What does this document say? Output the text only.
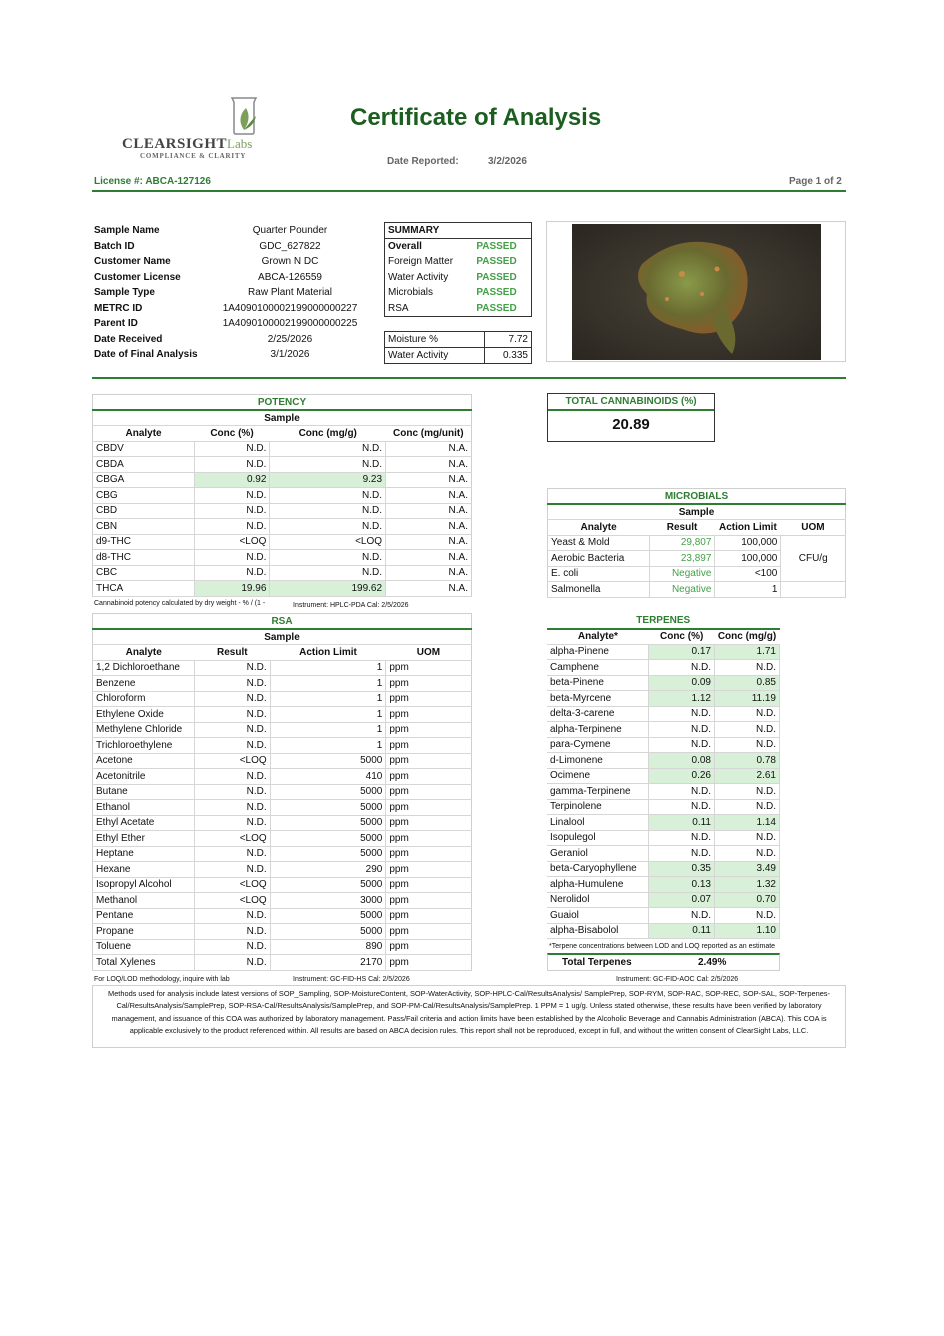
CLEARSIGHTLabs
COMPLIANCE & CLARITY
Certificate of Analysis
Date Reported:	3/2/2026
License #: ABCA-127126	Page 1 of 2
Sample Name	Quarter Pounder
Batch ID	GDC_627822
Customer Name	Grown N DC
Customer License	ABCA-126559
Sample Type	Raw Plant Material
METRC ID	1A4090100002199000000227
Parent ID	1A4090100002199000000225
Date Received	2/25/2026
Date of Final Analysis	3/1/2026
SUMMARY	
Overall	PASSED
Foreign Matter	PASSED
Water Activity	PASSED
Microbials	PASSED
RSA	PASSED
Moisture %	7.72
Water Activity	0.335
POTENCY			
Sample			
Analyte	Conc (%)	Conc (mg/g)	Conc (mg/unit)
CBDV	N.D.	N.D.	N.A.
CBDA	N.D.	N.D.	N.A.
CBGA	0.92	9.23	N.A.
CBG	N.D.	N.D.	N.A.
CBD	N.D.	N.D.	N.A.
CBN	N.D.	N.D.	N.A.
d9-THC	<LOQ	<LOQ	N.A.
d8-THC	N.D.	N.D.	N.A.
CBC	N.D.	N.D.	N.A.
THCA	19.96	199.62	N.A.
Cannabinoid potency calculated by dry weight - % / (1 -	Instrument: HPLC-PDA Cal: 2/5/2026
TOTAL CANNABINOIDS (%)
20.89
MICROBIALS			
Sample			
Analyte	Result	Action Limit	UOM
Yeast & Mold	29,807	100,000	CFU/g
Aerobic Bacteria	23,897	100,000	
E. coli	Negative	<100	
Salmonella	Negative	1	
RSA			
Sample			
Analyte	Result	Action Limit	UOM
1,2 Dichloroethane	N.D.	1	ppm
Benzene	N.D.	1	ppm
Chloroform	N.D.	1	ppm
Ethylene Oxide	N.D.	1	ppm
Methylene Chloride	N.D.	1	ppm
Trichloroethylene	N.D.	1	ppm
Acetone	<LOQ	5000	ppm
Acetonitrile	N.D.	410	ppm
Butane	N.D.	5000	ppm
Ethanol	N.D.	5000	ppm
Ethyl Acetate	N.D.	5000	ppm
Ethyl Ether	<LOQ	5000	ppm
Heptane	N.D.	5000	ppm
Hexane	N.D.	290	ppm
Isopropyl Alcohol	<LOQ	5000	ppm
Methanol	<LOQ	3000	ppm
Pentane	N.D.	5000	ppm
Propane	N.D.	5000	ppm
Toluene	N.D.	890	ppm
Total Xylenes	N.D.	2170	ppm
TERPENES		
Analyte*	Conc (%)	Conc (mg/g)
alpha-Pinene	0.17	1.71
Camphene	N.D.	N.D.
beta-Pinene	0.09	0.85
beta-Myrcene	1.12	11.19
delta-3-carene	N.D.	N.D.
alpha-Terpinene	N.D.	N.D.
para-Cymene	N.D.	N.D.
d-Limonene	0.08	0.78
Ocimene	0.26	2.61
gamma-Terpinene	N.D.	N.D.
Terpinolene	N.D.	N.D.
Linalool	0.11	1.14
Isopulegol	N.D.	N.D.
Geraniol	N.D.	N.D.
beta-Caryophyllene	0.35	3.49
alpha-Humulene	0.13	1.32
Nerolidol	0.07	0.70
Guaiol	N.D.	N.D.
alpha-Bisabolol	0.11	1.10
*Terpene concentrations between LOD and LOQ reported as an estimate
Total Terpenes	2.49%
For LOQ/LOD methodology, inquire with lab	Instrument: GC-FID-HS Cal: 2/5/2026	Instrument: GC-FID-AOC Cal: 2/5/2026
Methods used for analysis include latest versions of SOP_Sampling, SOP-MoistureContent, SOP-WaterActivity, SOP-HPLC-Cal/ResultsAnalysis/ SamplePrep, SOP-RYM, SOP-RAC, SOP-REC, SOP-SAL, SOP-Terpenes-Cal/ResultsAnalysis/SamplePrep, SOP-RSA-Cal/ResultsAnalysis/SamplePrep, and SOP-PM-Cal/ResultsAnalysis/SamplePrep. 1 PPM = 1 ug/g. Unless stated otherwise, these results have been verified by laboratory management, and issuance of this COA was authorized by laboratory management. Pass/Fail criteria and action limits have been established by the Alcoholic Beverage and Cannabis Administration (ABCA). This COA is applicable exclusively to the product referenced within. All results are based on ABCA decision rules. This report shall not be reproduced, except in full, and without the written consent of ClearSight Labs, LLC.
